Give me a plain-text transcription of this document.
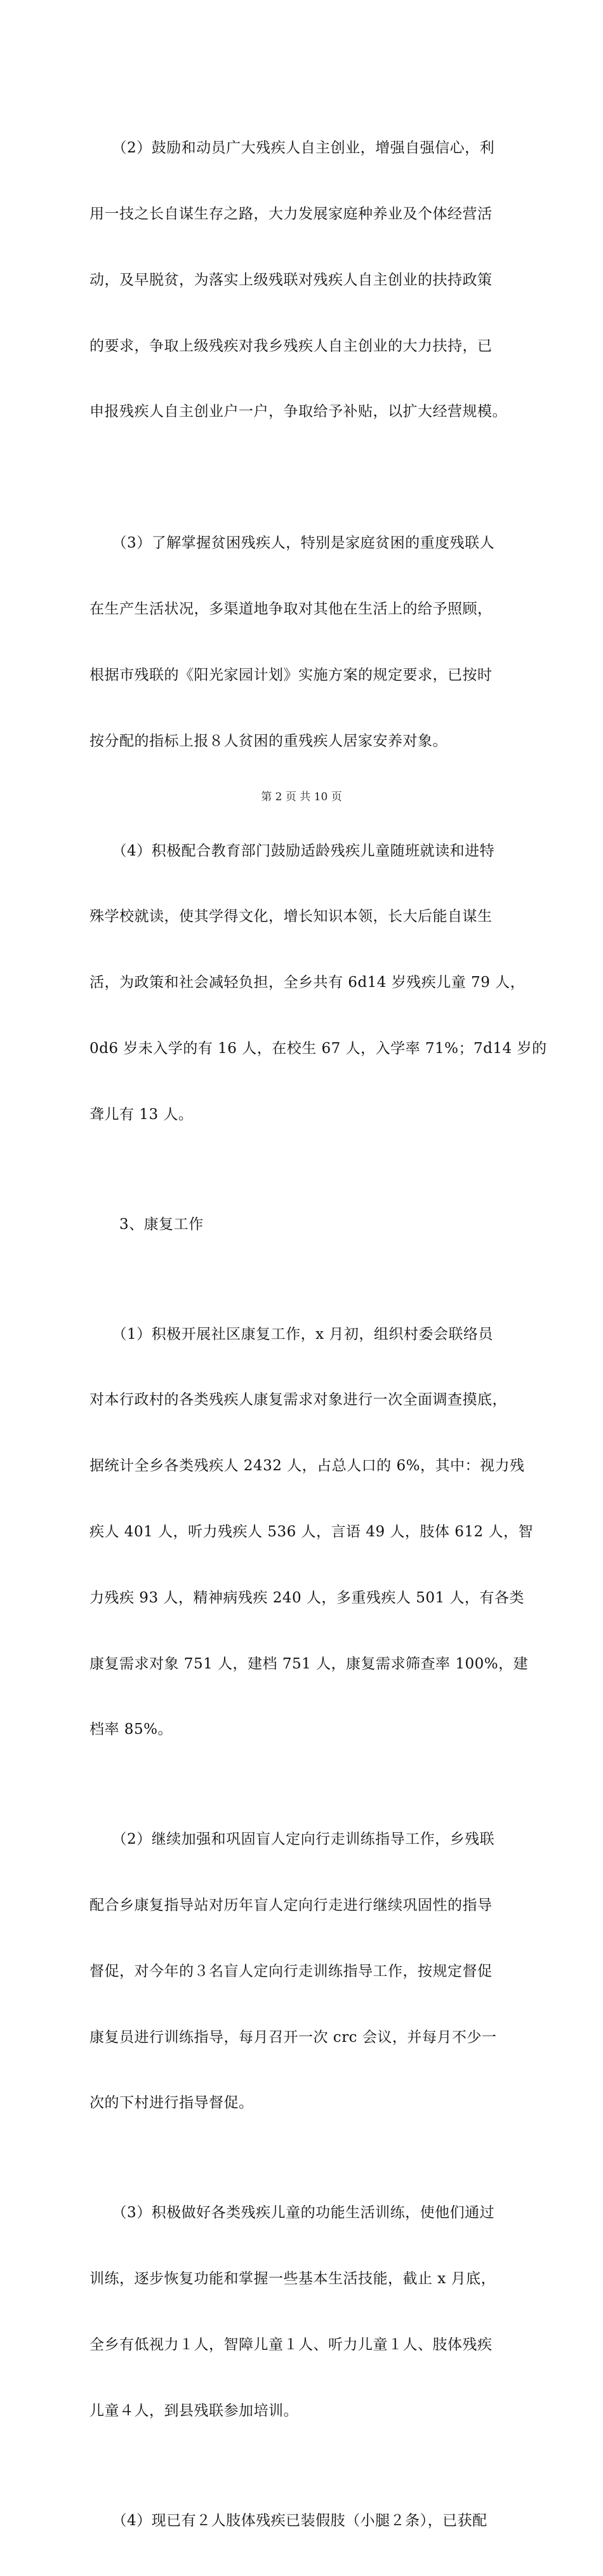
　　（2）鼓励和动员广大残疾人自主创业，增强自强信心，利

用一技之长自谋生存之路，大力发展家庭种养业及个体经营活

动，及早脱贫，为落实上级残联对残疾人自主创业的扶持政策

的要求，争取上级残疾对我乡残疾人自主创业的大力扶持，已

申报残疾人自主创业户一户，争取给予补贴，以扩大经营规模。

　　（3）了解掌握贫困残疾人，特别是家庭贫困的重度残联人

在生产生活状况，多渠道地争取对其他在生活上的给予照顾，

根据市残联的《阳光家园计划》实施方案的规定要求，已按时

按分配的指标上报８人贫困的重残疾人居家安养对象。

　　（4）积极配合教育部门鼓励适龄残疾儿童随班就读和进特

殊学校就读，使其学得文化，增长知识本领，长大后能自谋生

活，为政策和社会减轻负担，全乡共有 6d14 岁残疾儿童 79 人，

0d6 岁未入学的有 16 人，在校生 67 人，入学率 71%；7d14 岁的

聋儿有 13 人。

　　3、康复工作

　　（1）积极开展社区康复工作，x 月初，组织村委会联络员

对本行政村的各类残疾人康复需求对象进行一次全面调查摸底，

据统计全乡各类残疾人 2432 人，占总人口的 6%，其中：视力残

疾人 401 人，听力残疾人 536 人，言语 49 人，肢体 612 人，智

力残疾 93 人，精神病残疾 240 人，多重残疾人 501 人，有各类

康复需求对象 751 人，建档 751 人，康复需求筛查率 100%，建

档率 85%。

　　（2）继续加强和巩固盲人定向行走训练指导工作，乡残联

配合乡康复指导站对历年盲人定向行走进行继续巩固性的指导

督促，对今年的３名盲人定向行走训练指导工作，按规定督促

康复员进行训练指导，每月召开一次 crc 会议，并每月不少一

次的下村进行指导督促。

　　（3）积极做好各类残疾儿童的功能生活训练，使他们通过

训练，逐步恢复功能和掌握一些基本生活技能，截止 x 月底，

全乡有低视力１人，智障儿童１人、听力儿童１人、肢体残疾

儿童４人，到县残联参加培训。

　　（4）现已有２人肢体残疾已装假肢（小腿２条），已获配

第 2 页 共 10 页
